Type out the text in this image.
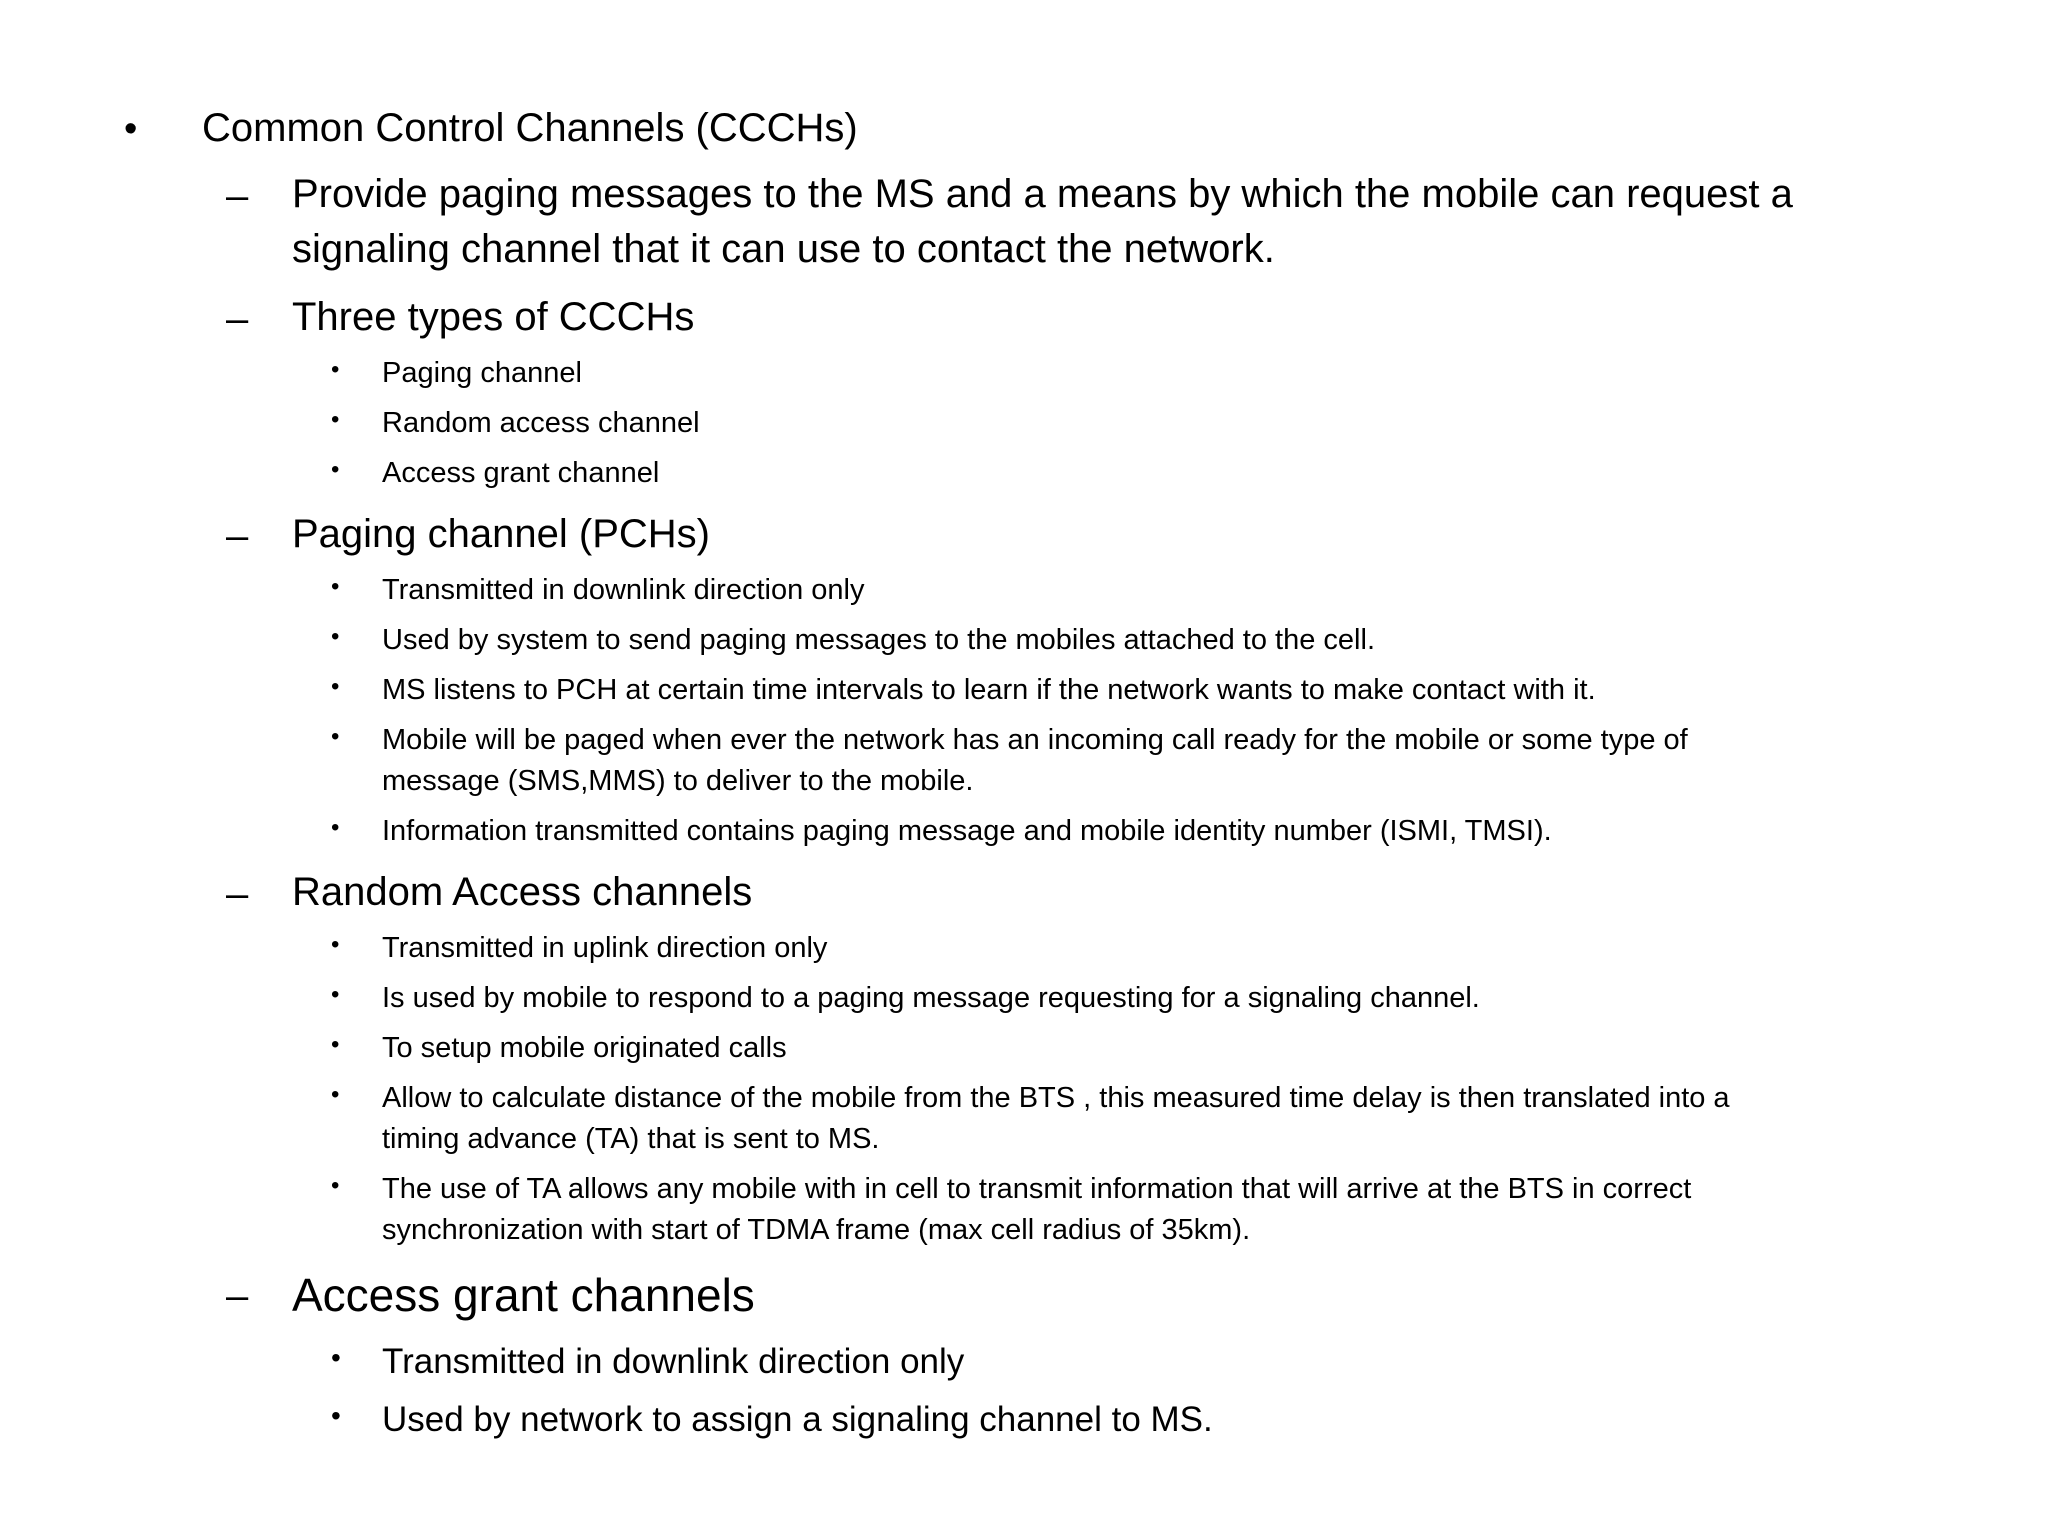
• Common Control Channels (CCCHs)
– Provide paging messages to the MS and a means by which the mobile can request a
signaling channel that it can use to contact the network.
– Three types of CCCHs
• Paging channel
• Random access channel
• Access grant channel
– Paging channel (PCHs)
• Transmitted in downlink direction only
• Used by system to send paging messages to the mobiles attached to the cell.
• MS listens to PCH at certain time intervals to learn if the network wants to make contact with it.
• Mobile will be paged when ever the network has an incoming call ready for the mobile or some type of
message (SMS,MMS) to deliver to the mobile.
• Information transmitted contains paging message and mobile identity number (ISMI, TMSI).
– Random Access channels
• Transmitted in uplink direction only
• Is used by mobile to respond to a paging message requesting for a signaling channel.
• To setup mobile originated calls
• Allow to calculate distance of the mobile from the BTS , this measured time delay is then translated into a
timing advance (TA) that is sent to MS.
• The use of TA allows any mobile with in cell to transmit information that will arrive at the BTS in correct
synchronization with start of TDMA frame (max cell radius of 35km).
– Access grant channels
• Transmitted in downlink direction only
• Used by network to assign a signaling channel to MS.
